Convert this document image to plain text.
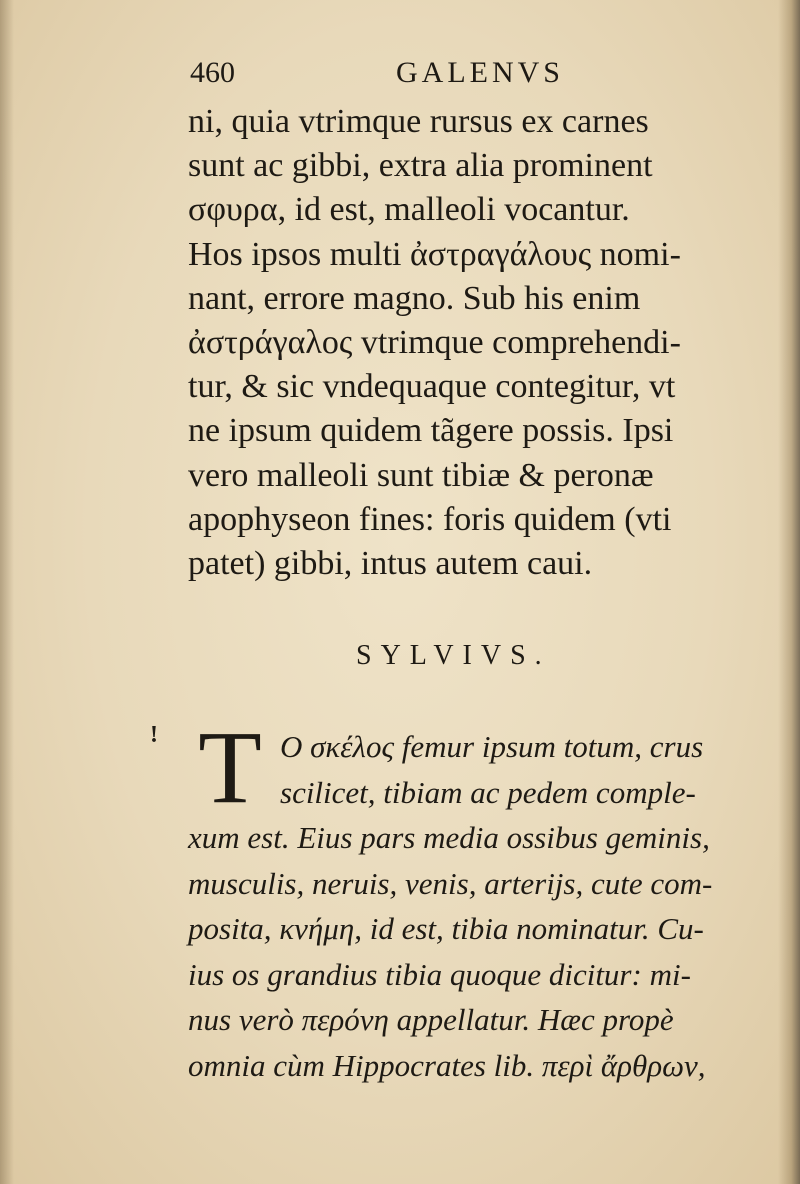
460	GALENVS
ni, quia vtrimque rursus ex carnes
sunt ac gibbi, extra alia prominent
σφυρα, id est, malleoli vocantur.
Hos ipsos multi ἀστραγάλους nomi-
nant, errore magno. Sub his enim
ἀστράγαλος vtrimque comprehendi-
tur, & sic vndequaque contegitur, vt
ne ipsum quidem tãgere possis. Ipsi
vero malleoli sunt tibiæ & peronæ
apophyseon fines: foris quidem (vti
patet) gibbi, intus autem caui.
SYLVIVS.
! T O σκέλος femur ipsum totum, crus
scilicet, tibiam ac pedem comple-
xum est. Eius pars media ossibus geminis,
musculis, neruis, venis, arterijs, cute com-
posita, κνήμη, id est, tibia nominatur. Cu-
ius os grandius tibia quoque dicitur: mi-
nus verò περόνη appellatur. Hæc propè
omnia cùm Hippocrates lib. περὶ ἄρθρων,
